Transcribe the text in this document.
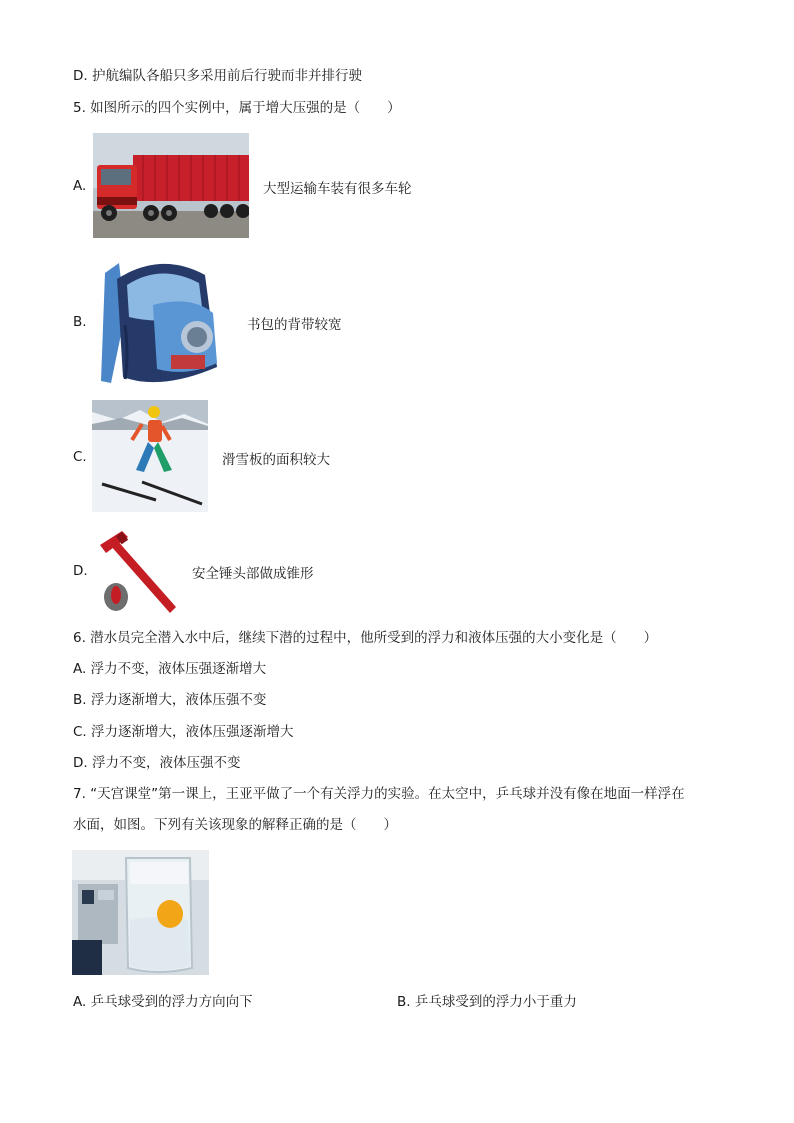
D. 护航编队各船只多采用前后行驶而非并排行驶
5. 如图所示的四个实例中，属于增大压强的是（　　）
A.	大型运输车装有很多车轮
B.	书包的背带较宽
C.	滑雪板的面积较大
D.	安全锤头部做成锥形
6. 潜水员完全潜入水中后，继续下潜的过程中，他所受到的浮力和液体压强的大小变化是（　　）
A. 浮力不变，液体压强逐渐增大
B. 浮力逐渐增大，液体压强不变
C. 浮力逐渐增大，液体压强逐渐增大
D. 浮力不变，液体压强不变
7. “天宫课堂”第一课上，王亚平做了一个有关浮力的实验。在太空中，乒乓球并没有像在地面一样浮在
水面，如图。下列有关该现象的解释正确的是（　　）
A. 乒乓球受到的浮力方向向下	B. 乒乓球受到的浮力小于重力
